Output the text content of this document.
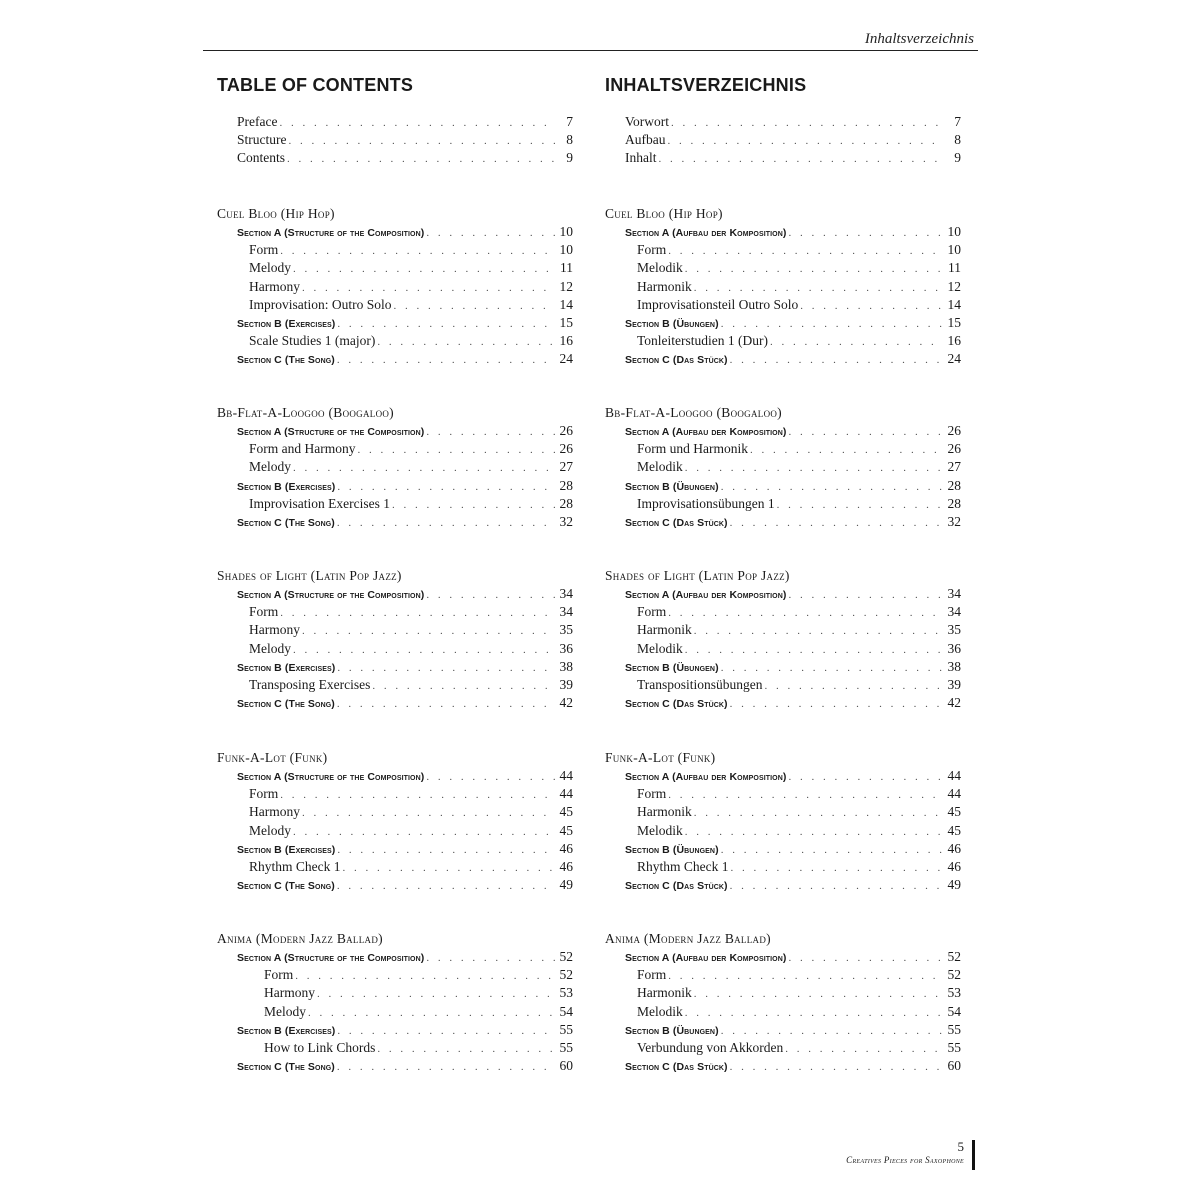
Inhaltsverzeichnis
TABLE OF CONTENTS
Preface . . .	7
Structure . . .	8
Contents . . .	9
Cuel Bloo (Hip Hop)
Section A (Structure of the Composition) . . .	10
Form . . .	10
Melody . . .	11
Harmony . . .	12
Improvisation: Outro Solo . . .	14
Section B (Exercises) . . .	15
Scale Studies 1 (major) . . .	16
Section C (The Song) . . .	24
Bb-Flat-A-Loogoo (Boogaloo)
Section A (Structure of the Composition) . . .	26
Form and Harmony . . .	26
Melody . . .	27
Section B (Exercises) . . .	28
Improvisation Exercises 1 . . .	28
Section C (The Song) . . .	32
Shades of Light (Latin Pop Jazz)
Section A (Structure of the Composition) . . .	34
Form . . .	34
Harmony . . .	35
Melody . . .	36
Section B (Exercises) . . .	38
Transposing Exercises . . .	39
Section C (The Song) . . .	42
Funk-A-Lot (Funk)
Section A (Structure of the Composition) . . .	44
Form . . .	44
Harmony . . .	45
Melody . . .	45
Section B (Exercises) . . .	46
Rhythm Check 1 . . .	46
Section C (The Song) . . .	49
Anima (Modern Jazz Ballad)
Section A (Structure of the Composition) . . .	52
Form . . .	52
Harmony . . .	53
Melody . . .	54
Section B (Exercises) . . .	55
How to Link Chords . . .	55
Section C (The Song) . . .	60
INHALTSVERZEICHNIS
Vorwort . . .	7
Aufbau . . .	8
Inhalt . . .	9
Cuel Bloo (Hip Hop)
Section A (Aufbau der Komposition) . . .	10
Form . . .	10
Melodik . . .	11
Harmonik . . .	12
Improvisationsteil Outro Solo . . .	14
Section B (Übungen) . . .	15
Tonleiterstudien 1 (Dur) . . .	16
Section C (Das Stück) . . .	24
Bb-Flat-A-Loogoo (Boogaloo)
Section A (Aufbau der Komposition) . . .	26
Form und Harmonik . . .	26
Melodik . . .	27
Section B (Übungen) . . .	28
Improvisationsübungen 1 . . .	28
Section C (Das Stück) . . .	32
Shades of Light (Latin Pop Jazz)
Section A (Aufbau der Komposition) . . .	34
Form . . .	34
Harmonik . . .	35
Melodik . . .	36
Section B (Übungen) . . .	38
Transpositionsübungen . . .	39
Section C (Das Stück) . . .	42
Funk-A-Lot (Funk)
Section A (Aufbau der Komposition) . . .	44
Form . . .	44
Harmonik . . .	45
Melodik . . .	45
Section B (Übungen) . . .	46
Rhythm Check 1 . . .	46
Section C (Das Stück) . . .	49
Anima (Modern Jazz Ballad)
Section A (Aufbau der Komposition) . . .	52
Form . . .	52
Harmonik . . .	53
Melodik . . .	54
Section B (Übungen) . . .	55
Verbundung von Akkorden . . .	55
Section C (Das Stück) . . .	60
5
Creatives Pieces for Saxophone
